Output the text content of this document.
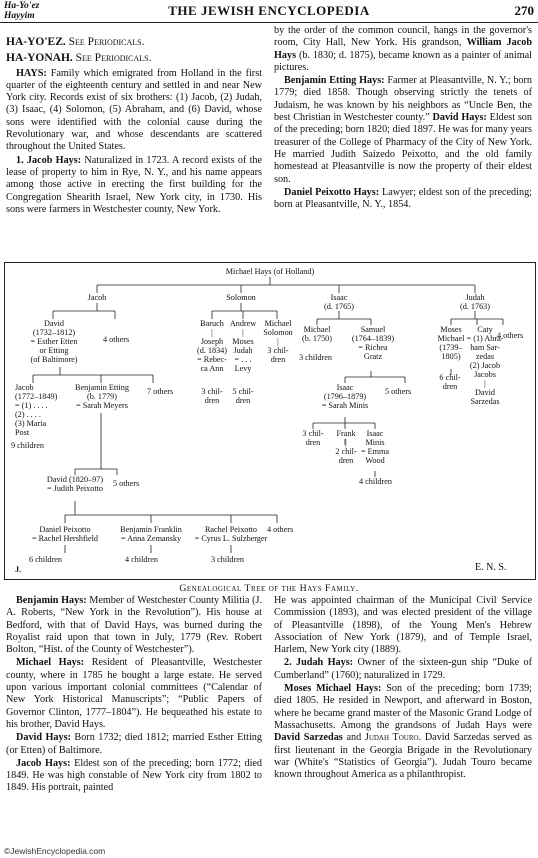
Ha-Yo'ez
Hayyim	THE JEWISH ENCYCLOPEDIA	270

HA-YO'EZ. See Periodicals.

HA-YONAH. See Periodicals.

HAYS: Family which emigrated from Holland in the first quarter of the eighteenth century and settled in and near New York city. Records exist of six brothers: (1) Jacob, (2) Judah, (3) Isaac, (4) Solomon, (5) Abraham, and (6) David, whose sons were identified with the colonial cause during the Revolutionary war, and whose descendants are scattered throughout the United States.

1. Jacob Hays: Naturalized in 1723. A record exists of the lease of property to him in Rye, N. Y., and his name appears among those active in erecting the first building for the Congregation Shearith Israel, New York city, in 1730. His sons were farmers in Westchester county, New York.

by the order of the common council, hangs in the governor's room, City Hall, New York. His grandson, William Jacob Hays (b. 1830; d. 1875), became known as a painter of animal pictures.

Benjamin Etting Hays: Farmer at Pleasantville, N. Y.; born 1779; died 1858. Though observing strictly the tenets of Judaism, he was known by his neighbors as “Uncle Ben, the best Christian in Westchester county.” David Hays: Eldest son of the preceding; born 1820; died 1897. He was for many years treasurer of the College of Pharmacy of the City of New York. He married Judith Saizedo Peixotto, and the old family homestead at Pleasantville is now the property of their eldest son.

Daniel Peixotto Hays: Lawyer; eldest son of the preceding; born at Pleasantville, N. Y., 1854.

Michael Hays (of Holland)
Jacob	Solomon	Isaac
(d. 1765)
Judah
(d. 1763)
David
(1732–1812)
= Esther Etten
or Etting
(of Baltimore)
4 others
Baruch
|
Joseph
(d. 1834)
= Rebec-
ca Ann
3 chil-
dren
Andrew
|
Moses
Judah
= . . .
Levy
5 chil-
dren
Michael
Solomon
|
3 chil-
dren
Michael
(b. 1750)
3 children
Samuel
(1764–1839)
= Richea
Gratz
Moses
Michael
(1739–
1805)
6 chil-
dren
Caty
= (1) Abra-
ham Sar-
zedas
(2) Jacob
Jacobs
|
David
Sarzedas
4 others
Jacob
(1772–1849)
= (1) . . . .
(2) . . . .
(3) Maria
Post
9 children
Benjamin Etting
(b. 1779)
= Sarah Meyers
7 others	Isaac
(1796–1879)
= Sarah Minis
5 others
3 chil-
dren
Frank
|
2 chil-
dren
Isaac
Minis
= Emma
Wood
4 children
David (1820–97)
= Judith Peixotto
5 others
Daniel Peixotto
= Rachel Hershfield
6 children
Benjamin Franklin
= Anna Zemansky
4 children
Rachel Peixotto
= Cyrus L. Sulzberger
3 children
4 others
J.	E. N. S.
Genealogical Tree of the Hays Family.

Benjamin Hays: Member of Westchester County Militia (J. A. Roberts, “New York in the Revolution”). His house at Bedford, with that of David Hays, was burned during the Royalist raid upon that town in July, 1779 (Rev. Robert Bolton, “Hist. of the County of Westchester”).

Michael Hays: Resident of Pleasantville, Westchester county, where in 1785 he bought a large estate. He served upon various important colonial committees (“Calendar of New York Historical Manuscripts”; “Public Papers of Governor Clinton, 1777–1804”). He bequeathed his estate to his brother, David Hays.

David Hays: Born 1732; died 1812; married Esther Etting (or Etten) of Baltimore.

Jacob Hays: Eldest son of the preceding; born 1772; died 1849. He was high constable of New York city from 1802 to 1849. His portrait, painted

He was appointed chairman of the Municipal Civil Service Commission (1893), and was elected president of the village of Pleasantville (1898), of the Young Men's Hebrew Association of New York (1879), and of Temple Israel, Harlem, New York city (1889).

2. Judah Hays: Owner of the sixteen-gun ship “Duke of Cumberland” (1760); naturalized in 1729.

Moses Michael Hays: Son of the preceding; born 1739; died 1805. He resided in Newport, and afterward in Boston, where he became grand master of the Masonic Grand Lodge of Massachusetts. Among the grandsons of Judah Hays were David Sarzedas and Judah Touro. David Sarzedas served as first lieutenant in the Georgia Brigade in the Revolutionary war (White's “Statistics of Georgia”). Judah Touro became known throughout America as a philanthropist.

©JewishEncyclopedia.com
